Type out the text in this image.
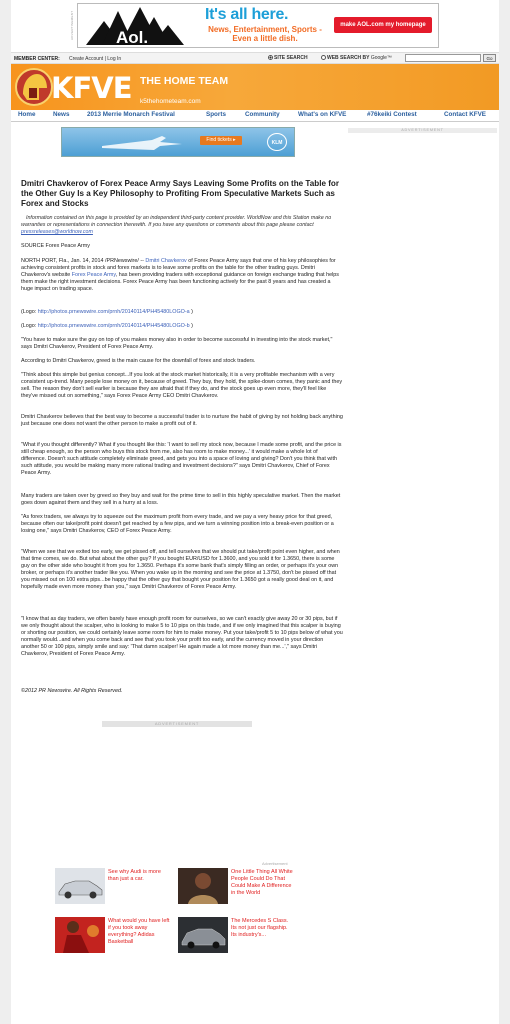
ADVERTISEMENT Aol.
It's all here.
News, Entertainment, Sports - Even a little dish.
make AOL.com my homepage
MEMBER CENTER: Create Account | Log In	SITE SEARCH	WEB SEARCH BY Google™	Go
KFVE THE HOME TEAM
k5thehometeam.com
Home	News	2013 Merrie Monarch Festival	Sports	Community	What's on KFVE	#76keiki Contest	Contact KFVE
ADVERTISEMENT
Find tickets ▸	KLM
Dmitri Chavkerov of Forex Peace Army Says Leaving Some Profits on the Table for the Other Guy Is a Key Philosophy to Profiting From Speculative Markets Such as Forex and Stocks
Information contained on this page is provided by an independent third-party content provider. WorldNow and this Station make no warranties or representations in connection therewith. If you have any questions or comments about this page please contact pressreleases@worldnow.com
SOURCE Forex Peace Army
NORTH PORT, Fla., Jan. 14, 2014 /PRNewswire/ -- Dmitri Chavkerov of Forex Peace Army says that one of his key philosophies for achieving consistent profits in stock and forex markets is to leave some profits on the table for the other trading guys. Dmitri Chavkerov's website Forex Peace Army, has been providing traders with exceptional guidance on foreign exchange trading that helps them make the right investment decisions. Forex Peace Army has been functioning actively for the past 8 years and has created a huge impact on trading space.
(Logo: http://photos.prnewswire.com/prnh/20140114/PH45480LOGO-a )
(Logo: http://photos.prnewswire.com/prnh/20140114/PH45480LOGO-b )
"You have to make sure the guy on top of you makes money also in order to become successful in investing into the stock market," says Dmitri Chavkerov, President of Forex Peace Army.
According to Dmitri Chavkerov, greed is the main cause for the downfall of forex and stock traders.
"Think about this simple but genius concept...If you look at the stock market historically, it is a very profitable mechanism with a very consistent up-trend. Many people lose money on it, because of greed. They buy, they hold, the spike-down comes, they panic and they sell. The reason they don't sell earlier is because they are afraid that if they do, and the stock goes up even more, they'll feel like they've missed out on something," says Forex Peace Army CEO Dmitri Chavkerov.
Dmitri Chavkerov believes that the best way to become a successful trader is to nurture the habit of giving by not holding back anything just because one does not want the other person to make a profit out of it.
"What if you thought differently? What if you thought like this: 'I want to sell my stock now, because I made some profit, and the price is still cheap enough, so the person who buys this stock from me, also has room to make money...' it would make a whole lot of difference. Doesn't such attitude completely eliminate greed, and gets you into a space of loving and giving? Don't you think that with such attitude, you would be making many more rational trading and investment decisions?" says Dmitri Chavkerov, Chief of Forex Peace Army.
Many traders are taken over by greed so they buy and wait for the prime time to sell in this highly speculative market. Then the market goes down against them and they sell in a hurry at a loss.
"As forex traders, we always try to squeeze out the maximum profit from every trade, and we pay a very heavy price for that greed, because often our take/profit point doesn't get reached by a few pips, and we turn a winning position into a break-even position or a losing one," says Dmitri Chavkerov, CEO of Forex Peace Army.
"When we see that we exited too early, we get pissed off, and tell ourselves that we should put take/profit point even higher, and when that time comes, we do. But what about the other guy? If you bought EUR/USD for 1.3600, and you sold it for 1.3650, there is some guy on the other side who bought it from you for 1.3650. Perhaps it's some bank that's simply filling an order, or perhaps it's your own broker, or perhaps it's another trader like you. When you wake up in the morning and see the price at 1.3750, don't be pissed off that you missed out on 100 extra pips...be happy that the other guy that bought your position for 1.3650 got a really good deal on it, and hopefully made even more money than you," says Dmitri Chavkerov of Forex Peace Army.
"I know that as day traders, we often barely have enough profit room for ourselves, so we can't exactly give away 20 or 30 pips, but if we only thought about the scalper, who is looking to make 5 to 10 pips on this trade, and if we only imagined that this scalper is buying or shorting our position, we could certainly leave some room for him to make money. Put your take/profit 5 to 10 pips below of what you normally would...and when you come back and see that you took your profit too early, and the currency moved in your direction another 50 or 100 pips, simply smile and say: 'That damn scalper! He again made a lot more money than me...'," says Dmitri Chavkerov, President of Forex Peace Army.
©2012 PR Newswire. All Rights Reserved.
ADVERTISEMENT
Advertisement
See why Audi is more than just a car.
One Little Thing All White People Could Do That Could Make A Difference in the World
What would you have left if you took away everything? Adidas Basketball
The Mercedes S Class. Its not just our flagship. Its industry's...
